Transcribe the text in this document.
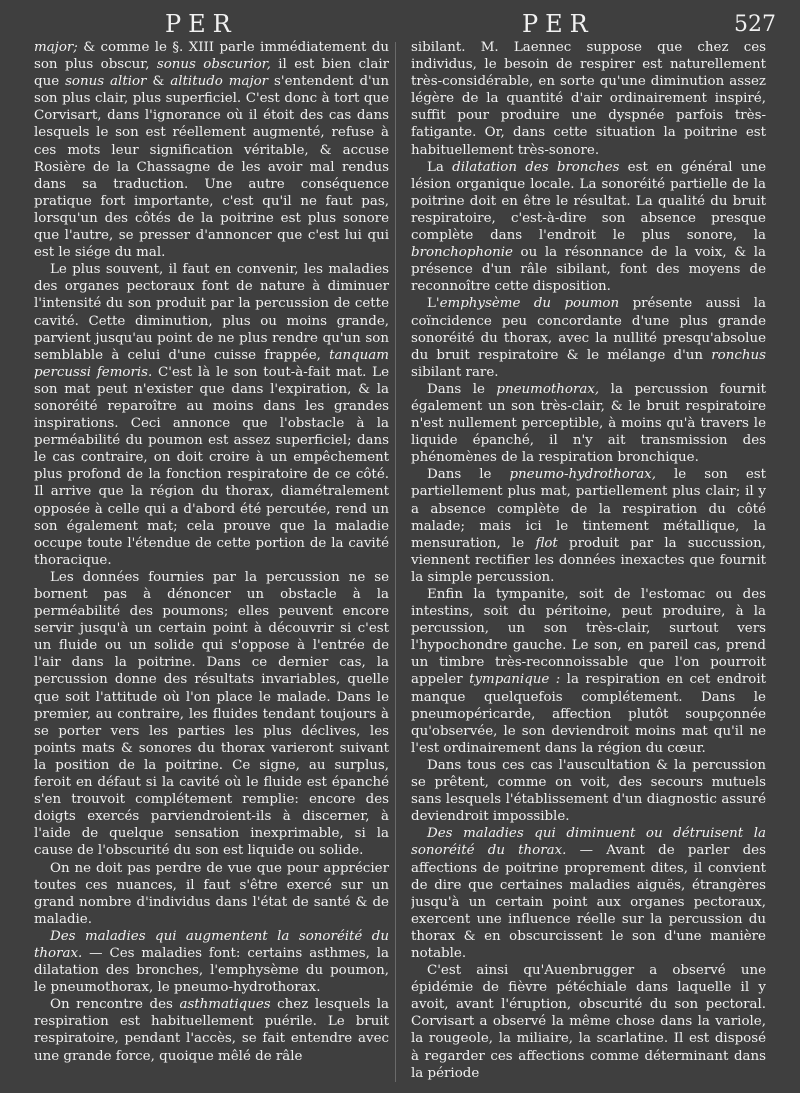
PER	PER	527

major; & comme le §. XIII parle immédiatement du son plus obscur, sonus obscurior, il est bien clair que sonus altior & altitudo major s'entendent d'un son plus clair, plus superficiel. C'est donc à tort que Corvisart, dans l'ignorance où il étoit des cas dans lesquels le son est réellement augmenté, refuse à ces mots leur signification véritable, & accuse Rosière de la Chassagne de les avoir mal rendus dans sa traduction. Une autre conséquence pratique fort importante, c'est qu'il ne faut pas, lorsqu'un des côtés de la poitrine est plus sonore que l'autre, se presser d'annoncer que c'est lui qui est le siége du mal.

Le plus souvent, il faut en convenir, les maladies des organes pectoraux font de nature à diminuer l'intensité du son produit par la percussion de cette cavité. Cette diminution, plus ou moins grande, parvient jusqu'au point de ne plus rendre qu'un son semblable à celui d'une cuisse frappée, tanquam percussi femoris. C'est là le son tout-à-fait mat. Le son mat peut n'exister que dans l'expiration, & la sonoréité reparoître au moins dans les grandes inspirations. Ceci annonce que l'obstacle à la perméabilité du poumon est assez superficiel; dans le cas contraire, on doit croire à un empêchement plus profond de la fonction respiratoire de ce côté. Il arrive que la région du thorax, diamétralement opposée à celle qui a d'abord été percutée, rend un son également mat; cela prouve que la maladie occupe toute l'étendue de cette portion de la cavité thoracique.

Les données fournies par la percussion ne se bornent pas à dénoncer un obstacle à la perméabilité des poumons; elles peuvent encore servir jusqu'à un certain point à découvrir si c'est un fluide ou un solide qui s'oppose à l'entrée de l'air dans la poitrine. Dans ce dernier cas, la percussion donne des résultats invariables, quelle que soit l'attitude où l'on place le malade. Dans le premier, au contraire, les fluides tendant toujours à se porter vers les parties les plus déclives, les points mats & sonores du thorax varieront suivant la position de la poitrine. Ce signe, au surplus, feroit en défaut si la cavité où le fluide est épanché s'en trouvoit complétement remplie: encore des doigts exercés parviendroient-ils à discerner, à l'aide de quelque sensation inexprimable, si la cause de l'obscurité du son est liquide ou solide.

On ne doit pas perdre de vue que pour apprécier toutes ces nuances, il faut s'être exercé sur un grand nombre d'individus dans l'état de santé & de maladie.

Des maladies qui augmentent la sonoréité du thorax. — Ces maladies font: certains asthmes, la dilatation des bronches, l'emphysème du poumon, le pneumothorax, le pneumo-hydrothorax.

On rencontre des asthmatiques chez lesquels la respiration est habituellement puérile. Le bruit respiratoire, pendant l'accès, se fait entendre avec une grande force, quoique mêlé de râle

sibilant. M. Laennec suppose que chez ces individus, le besoin de respirer est naturellement très-considérable, en sorte qu'une diminution assez légère de la quantité d'air ordinairement inspiré, suffit pour produire une dyspnée parfois très-fatigante. Or, dans cette situation la poitrine est habituellement très-sonore.

La dilatation des bronches est en général une lésion organique locale. La sonoréité partielle de la poitrine doit en être le résultat. La qualité du bruit respiratoire, c'est-à-dire son absence presque complète dans l'endroit le plus sonore, la bronchophonie ou la résonnance de la voix, & la présence d'un râle sibilant, font des moyens de reconnoître cette disposition.

L'emphysème du poumon présente aussi la coïncidence peu concordante d'une plus grande sonoréité du thorax, avec la nullité presqu'absolue du bruit respiratoire & le mélange d'un ronchus sibilant rare.

Dans le pneumothorax, la percussion fournit également un son très-clair, & le bruit respiratoire n'est nullement perceptible, à moins qu'à travers le liquide épanché, il n'y ait transmission des phénomènes de la respiration bronchique.

Dans le pneumo-hydrothorax, le son est partiellement plus mat, partiellement plus clair; il y a absence complète de la respiration du côté malade; mais ici le tintement métallique, la mensuration, le flot produit par la succussion, viennent rectifier les données inexactes que fournit la simple percussion.

Enfin la tympanite, soit de l'estomac ou des intestins, soit du péritoine, peut produire, à la percussion, un son très-clair, surtout vers l'hypochondre gauche. Le son, en pareil cas, prend un timbre très-reconnoissable que l'on pourroit appeler tympanique : la respiration en cet endroit manque quelquefois complétement. Dans le pneumopéricarde, affection plutôt soupçonnée qu'observée, le son deviendroit moins mat qu'il ne l'est ordinairement dans la région du cœur.

Dans tous ces cas l'auscultation & la percussion se prêtent, comme on voit, des secours mutuels sans lesquels l'établissement d'un diagnostic assuré deviendroit impossible.

Des maladies qui diminuent ou détruisent la sonoréité du thorax. — Avant de parler des affections de poitrine proprement dites, il convient de dire que certaines maladies aiguës, étrangères jusqu'à un certain point aux organes pectoraux, exercent une influence réelle sur la percussion du thorax & en obscurcissent le son d'une manière notable.

C'est ainsi qu'Auenbrugger a observé une épidémie de fièvre pétéchiale dans laquelle il y avoit, avant l'éruption, obscurité du son pectoral. Corvisart a observé la même chose dans la variole, la rougeole, la miliaire, la scarlatine. Il est disposé à regarder ces affections comme déterminant dans la période
